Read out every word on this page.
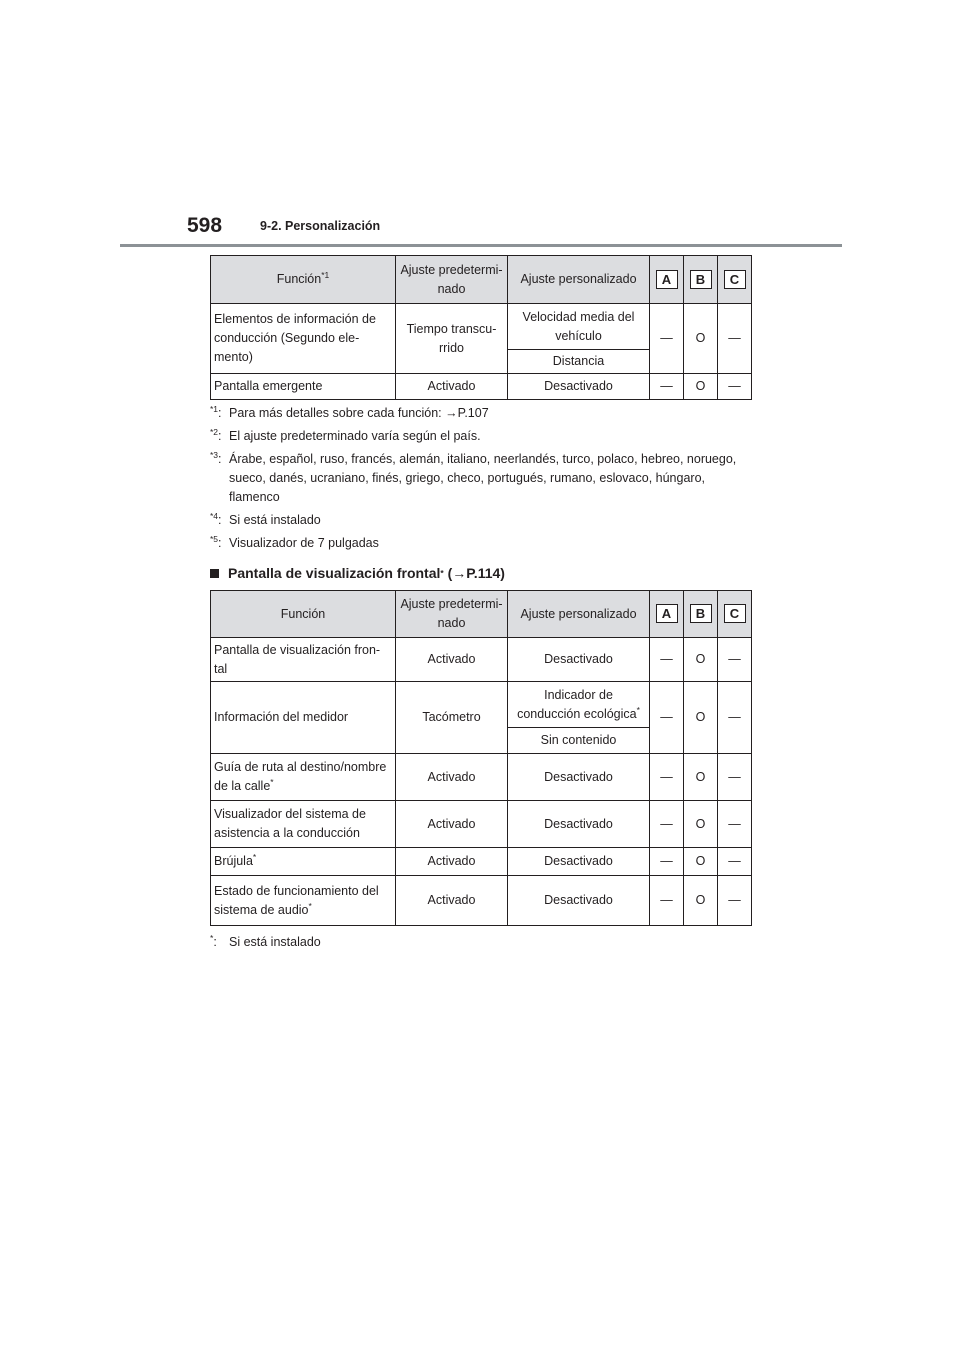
598	9-2. Personalización
Función$^{*1}$	Ajuste predetermi-nado	Ajuste personalizado	A	B	C
Elementos de información de conducción (Segundo ele-mento)	Tiempo transcu-rrido	Velocidad media del vehículo	—	O	—
		Distancia			
Pantalla emergente	Activado	Desactivado	—	O	—
$^{*1}$: Para más detalles sobre cada función: →P.107
$^{*2}$: El ajuste predeterminado varía según el país.
$^{*3}$: Árabe, español, ruso, francés, alemán, italiano, neerlandés, turco, polaco, hebreo, noruego, sueco, danés, ucraniano, finés, griego, checo, portugués, rumano, eslovaco, húngaro, flamenco
$^{*4}$: Si está instalado
$^{*5}$: Visualizador de 7 pulgadas
Pantalla de visualización frontal *
(→P.114)
Función	Ajuste predetermi-nado	Ajuste personalizado	A	B	C
Pantalla de visualización fron-tal	Activado	Desactivado	—	O	—
Información del medidor	Tacómetro	Indicador de conducción ecológica*	—	O	—
		Sin contenido			
Guía de ruta al destino/nombre de la calle*	Activado	Desactivado	—	O	—
Visualizador del sistema de asistencia a la conducción	Activado	Desactivado	—	O	—
Brújula*	Activado	Desactivado	—	O	—
Estado de funcionamiento del sistema de audio*	Activado	Desactivado	—	O	—
*: Si está instalado
